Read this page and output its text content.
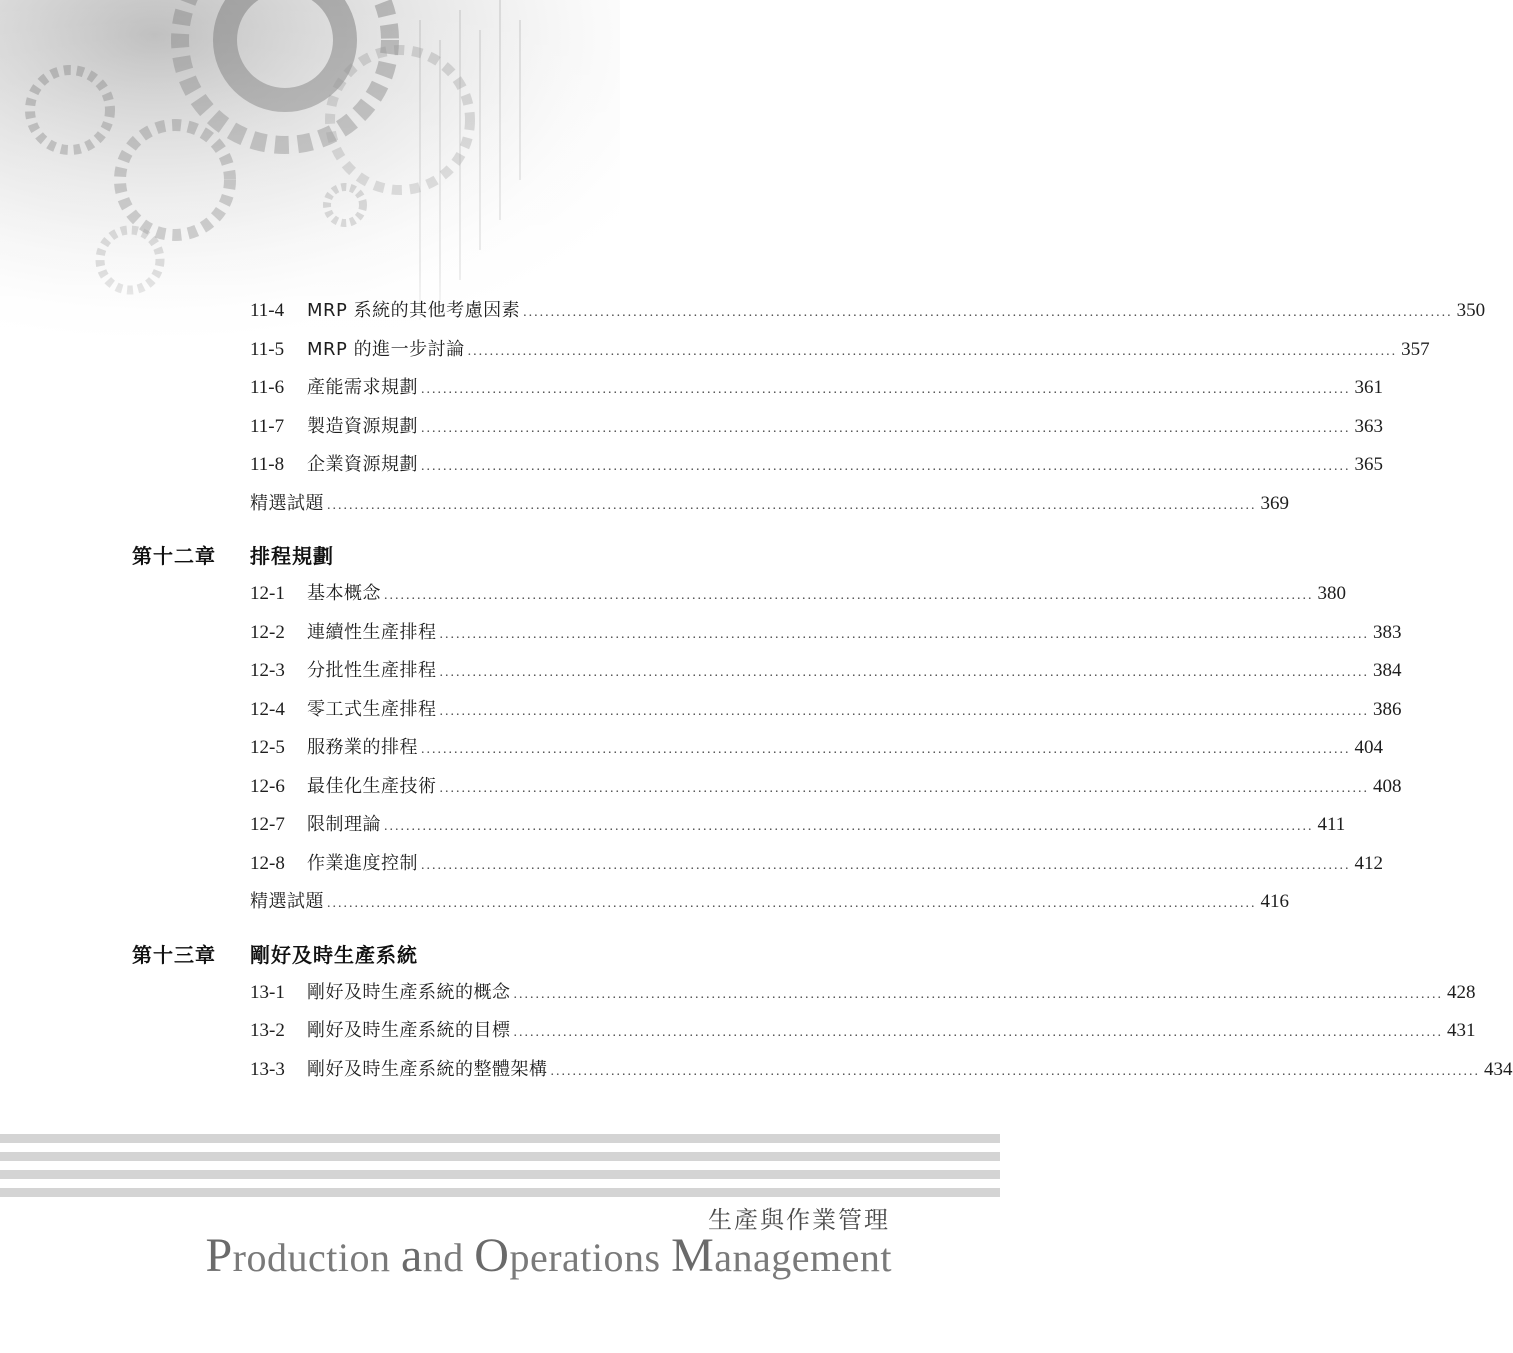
11-4	MRP 系統的其他考慮因素 ......................................................................................................................................................................... 350
11-5	MRP 的進一步討論 ......................................................................................................................................................................... 357
11-6	產能需求規劃 ......................................................................................................................................................................... 361
11-7	製造資源規劃 ......................................................................................................................................................................... 363
11-8	企業資源規劃 ......................................................................................................................................................................... 365
精選試題 ......................................................................................................................................................................... 369
第十二章	排程規劃
12-1	基本概念 ......................................................................................................................................................................... 380
12-2	連續性生產排程 ......................................................................................................................................................................... 383
12-3	分批性生產排程 ......................................................................................................................................................................... 384
12-4	零工式生產排程 ......................................................................................................................................................................... 386
12-5	服務業的排程 ......................................................................................................................................................................... 404
12-6	最佳化生產技術 ......................................................................................................................................................................... 408
12-7	限制理論 ......................................................................................................................................................................... 411
12-8	作業進度控制 ......................................................................................................................................................................... 412
精選試題 ......................................................................................................................................................................... 416
第十三章	剛好及時生產系統
13-1	剛好及時生產系統的概念 ......................................................................................................................................................................... 428
13-2	剛好及時生產系統的目標 ......................................................................................................................................................................... 431
13-3	剛好及時生產系統的整體架構 ......................................................................................................................................................................... 434
生產與作業管理
Production and Operations Management
